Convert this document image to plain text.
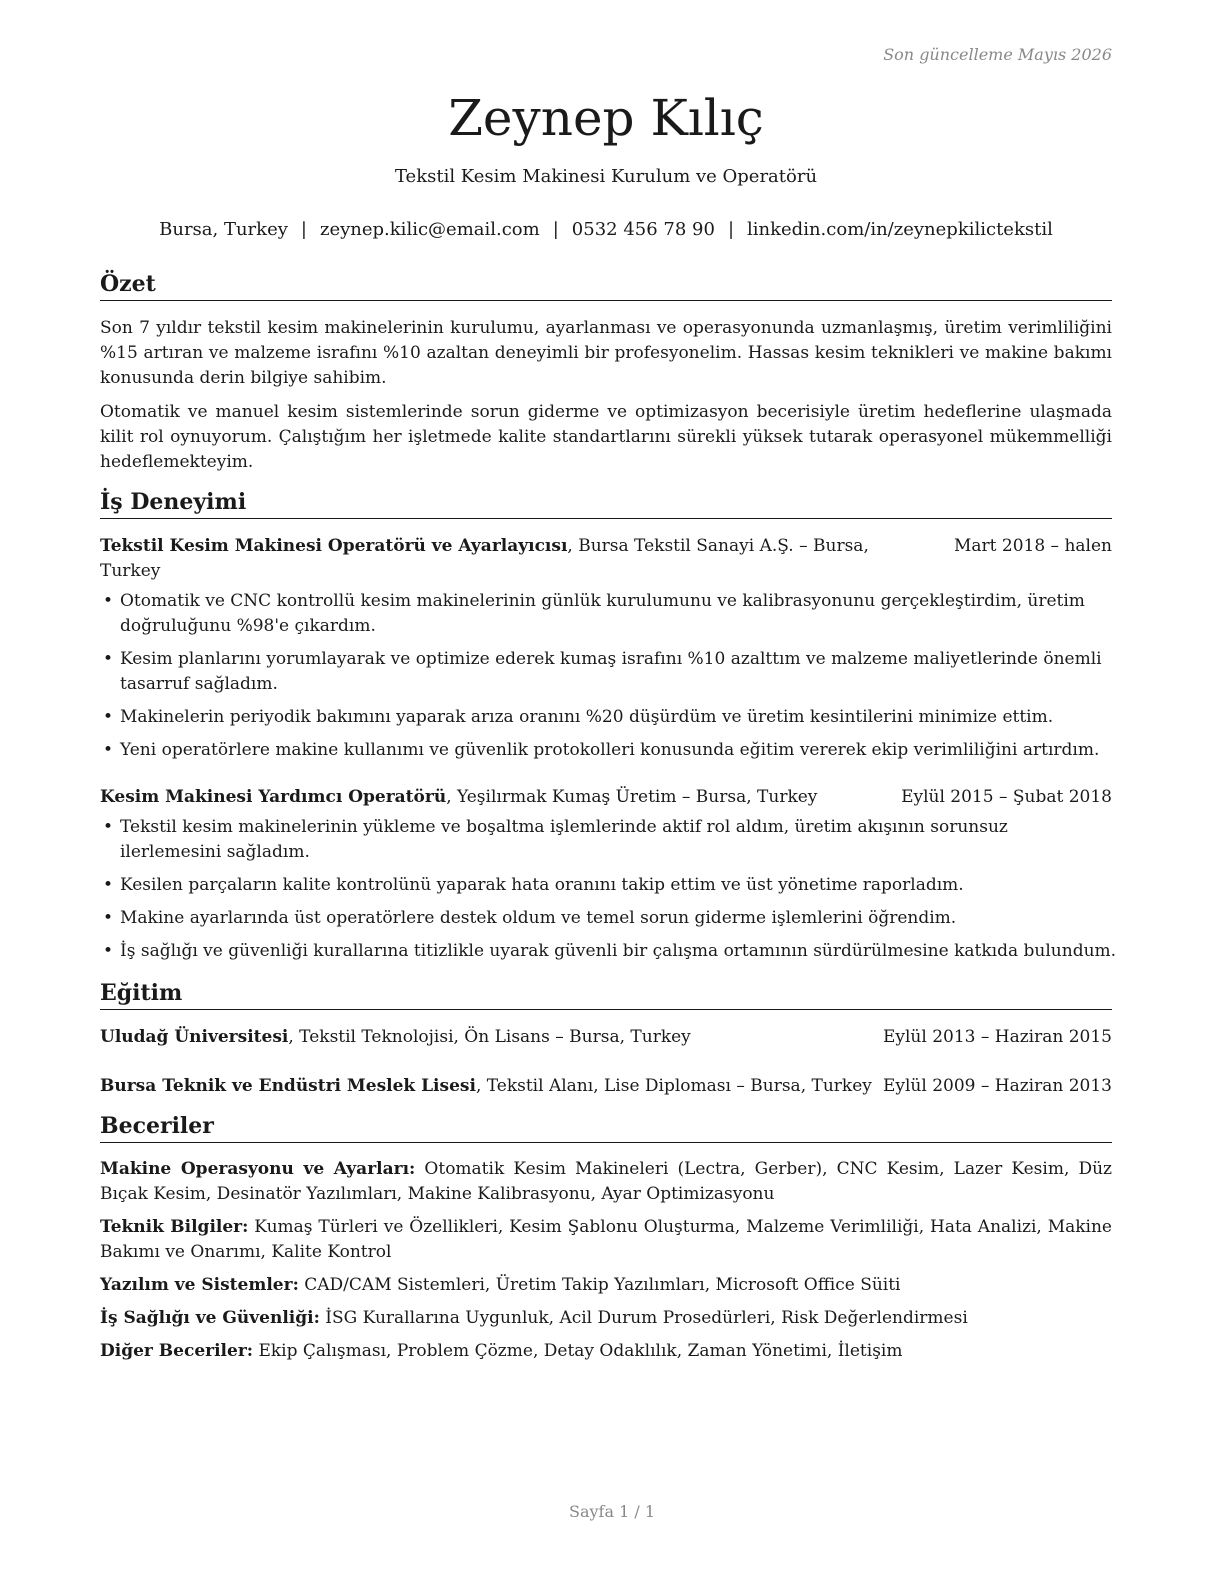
Son güncelleme Mayıs 2026
Zeynep Kılıç
Tekstil Kesim Makinesi Kurulum ve Operatörü
Bursa, Turkey | zeynep.kilic@email.com | 0532 456 78 90 | linkedin.com/in/zeynepkilictekstil
Özet

Son 7 yıldır tekstil kesim makinelerinin kurulumu, ayarlanması ve operasyonunda uzmanlaşmış, üretim verimliliğini %15 artıran ve malzeme israfını %10 azaltan deneyimli bir profesyonelim. Hassas kesim teknikleri ve makine bakımı konusunda derin bilgiye sahibim.

Otomatik ve manuel kesim sistemlerinde sorun giderme ve optimizasyon becerisiyle üretim hedeflerine ulaşmada kilit rol oynuyorum. Çalıştığım her işletmede kalite standartlarını sürekli yüksek tutarak operasyonel mükemmelliği hedeflemekteyim.

İş Deneyimi
Tekstil Kesim Makinesi Operatörü ve Ayarlayıcısı, Bursa Tekstil Sanayi A.Ş. – Bursa, Turkey
Mart 2018 – halen
• Otomatik ve CNC kontrollü kesim makinelerinin günlük kurulumunu ve kalibrasyonunu gerçekleştirdim, üretim doğruluğunu %98'e çıkardım.
• Kesim planlarını yorumlayarak ve optimize ederek kumaş israfını %10 azalttım ve malzeme maliyetlerinde önemli tasarruf sağladım.
• Makinelerin periyodik bakımını yaparak arıza oranını %20 düşürdüm ve üretim kesintilerini minimize ettim.
• Yeni operatörlere makine kullanımı ve güvenlik protokolleri konusunda eğitim vererek ekip verimliliğini artırdım.
Kesim Makinesi Yardımcı Operatörü, Yeşilırmak Kumaş Üretim – Bursa, Turkey	Eylül 2015 – Şubat 2018
• Tekstil kesim makinelerinin yükleme ve boşaltma işlemlerinde aktif rol aldım, üretim akışının sorunsuz ilerlemesini sağladım.
• Kesilen parçaların kalite kontrolünü yaparak hata oranını takip ettim ve üst yönetime raporladım.
• Makine ayarlarında üst operatörlere destek oldum ve temel sorun giderme işlemlerini öğrendim.
• İş sağlığı ve güvenliği kurallarına titizlikle uyarak güvenli bir çalışma ortamının sürdürülmesine katkıda bulundum.
Eğitim
Uludağ Üniversitesi, Tekstil Teknolojisi, Ön Lisans – Bursa, Turkey	Eylül 2013 – Haziran 2015
Bursa Teknik ve Endüstri Meslek Lisesi, Tekstil Alanı, Lise Diploması – Bursa, Turkey Eylül 2009 – Haziran 2013
Beceriler

Makine Operasyonu ve Ayarları: Otomatik Kesim Makineleri (Lectra, Gerber), CNC Kesim, Lazer Kesim, Düz Bıçak Kesim, Desinatör Yazılımları, Makine Kalibrasyonu, Ayar Optimizasyonu

Teknik Bilgiler: Kumaş Türleri ve Özellikleri, Kesim Şablonu Oluşturma, Malzeme Verimliliği, Hata Analizi, Makine Bakımı ve Onarımı, Kalite Kontrol

Yazılım ve Sistemler: CAD/CAM Sistemleri, Üretim Takip Yazılımları, Microsoft Office Süiti

İş Sağlığı ve Güvenliği: İSG Kurallarına Uygunluk, Acil Durum Prosedürleri, Risk Değerlendirmesi

Diğer Beceriler: Ekip Çalışması, Problem Çözme, Detay Odaklılık, Zaman Yönetimi, İletişim

Sayfa 1 / 1
